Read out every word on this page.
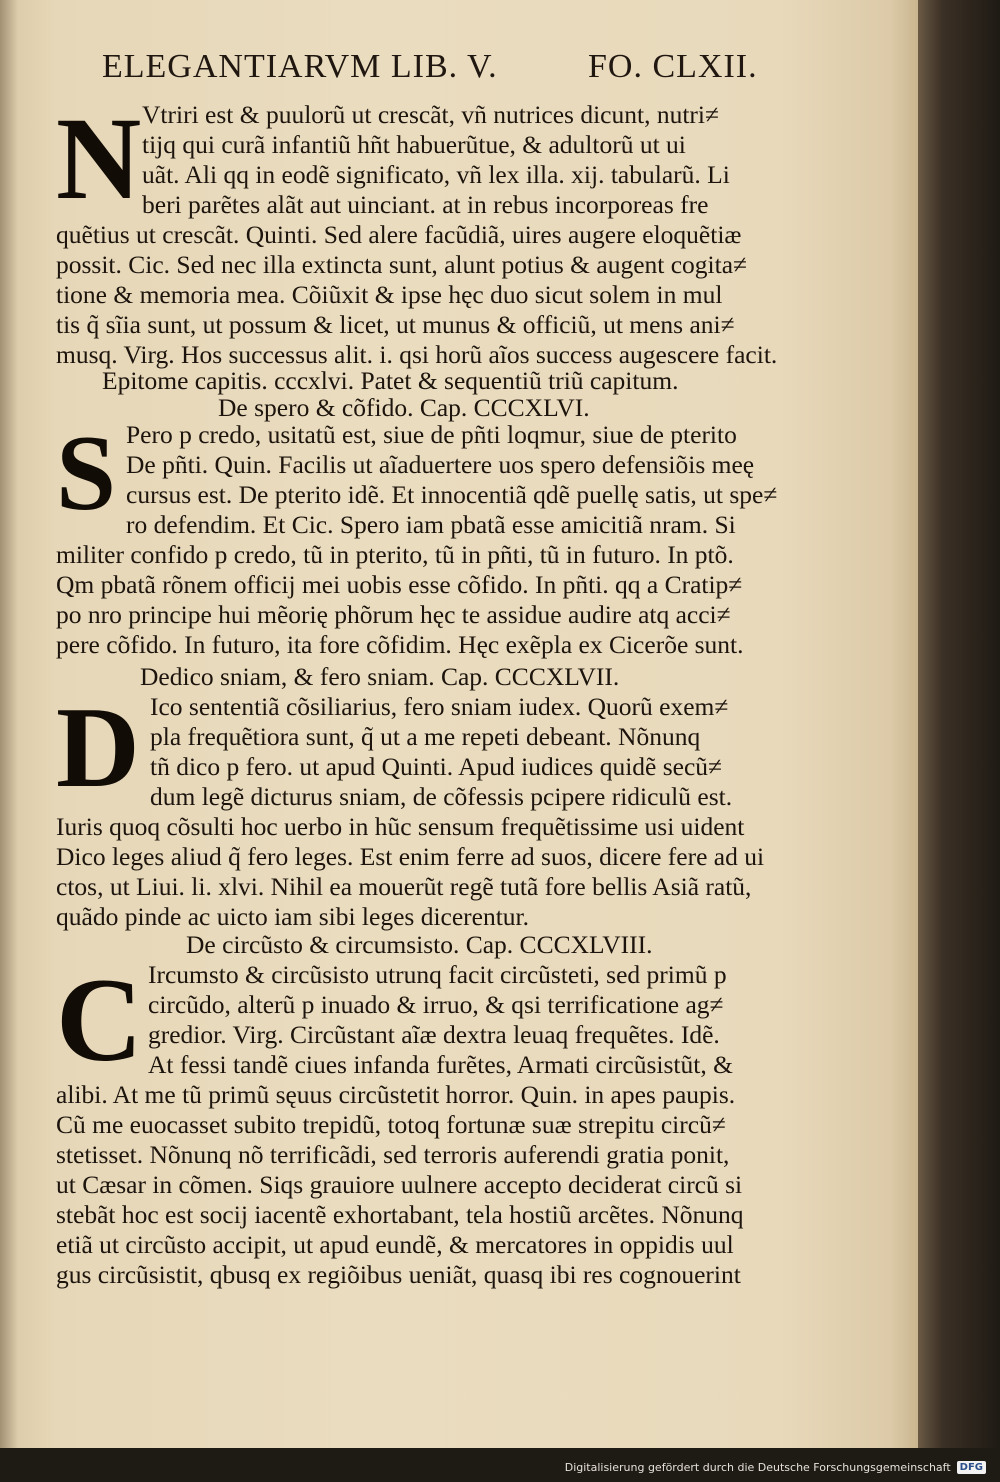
ELEGANTIARVM LIB. V.	FO. CLXII.
N Vtriri est & puulorũ ut crescãt, vñ nutrices dicunt, nutri≠
tijq qui curã infantiũ hñt habuerũtue, & adultorũ ut ui
uãt. Ali qq in eodẽ significato, vñ lex illa. xij. tabularũ. Li
beri parẽtes alãt aut uinciant. at in rebus incorporeas fre
quẽtius ut crescãt. Quinti. Sed alere facũdiã, uires augere eloquẽtiæ
possit. Cic. Sed nec illa extincta sunt, alunt potius & augent cogita≠
tione & memoria mea. Cõiũxit & ipse hęc duo sicut solem in mul
tis q̃ sĩia sunt, ut possum & licet, ut munus & officiũ, ut mens ani≠
musq. Virg. Hos successus alit. i. qsi horũ aĩos success augescere facit.
Epitome capitis. cccxlvi. Patet & sequentiũ triũ capitum.
De spero & cõfido. Cap. CCCXLVI.
S Pero p credo, usitatũ est, siue de pñti loqmur, siue de pterito
De pñti. Quin. Facilis ut aĩaduertere uos spero defensiõis meę
cursus est. De pterito idẽ. Et innocentiã qdẽ puellę satis, ut spe≠
ro defendim. Et Cic. Spero iam pbatã esse amicitiã nram. Si
militer confido p credo, tũ in pterito, tũ in pñti, tũ in futuro. In ptõ.
Qm pbatã rõnem officij mei uobis esse cõfido. In pñti. qq a Cratip≠
po nro principe hui mẽorię phõrum hęc te assidue audire atq acci≠
pere cõfido. In futuro, ita fore cõfidim. Hęc exẽpla ex Cicerõe sunt.
Dedico sniam, & fero sniam. Cap. CCCXLVII.
D Ico sententiã cõsiliarius, fero sniam iudex. Quorũ exem≠
pla frequẽtiora sunt, q̃ ut a me repeti debeant. Nõnunq
tñ dico p fero. ut apud Quinti. Apud iudices quidẽ secũ≠
dum legẽ dicturus sniam, de cõfessis pcipere ridiculũ est.
Iuris quoq cõsulti hoc uerbo in hũc sensum frequẽtissime usi uident
Dico leges aliud q̃ fero leges. Est enim ferre ad suos, dicere fere ad ui
ctos, ut Liui. li. xlvi. Nihil ea mouerũt regẽ tutã fore bellis Asiã ratũ,
quãdo pinde ac uicto iam sibi leges dicerentur.
De circũsto & circumsisto. Cap. CCCXLVIII.
C Ircumsto & circũsisto utrunq facit circũsteti, sed primũ p
circũdo, alterũ p inuado & irruo, & qsi terrificatione ag≠
gredior. Virg. Circũstant aĩæ dextra leuaq frequẽtes. Idẽ.
At fessi tandẽ ciues infanda furẽtes, Armati circũsistũt, &
alibi. At me tũ primũ sęuus circũstetit horror. Quin. in apes paupis.
Cũ me euocasset subito trepidũ, totoq fortunæ suæ strepitu circũ≠
stetisset. Nõnunq nõ terrificãdi, sed terroris auferendi gratia ponit,
ut Cæsar in cõmen. Siqs grauiore uulnere accepto deciderat circũ si
stebãt hoc est socij iacentẽ exhortabant, tela hostiũ arcẽtes. Nõnunq
etiã ut circũsto accipit, ut apud eundẽ, & mercatores in oppidis uul
gus circũsistit, qbusq ex regiõibus ueniãt, quasq ibi res cognouerint
Digitalisierung gefördert durch die Deutsche Forschungsgemeinschaft DFG
